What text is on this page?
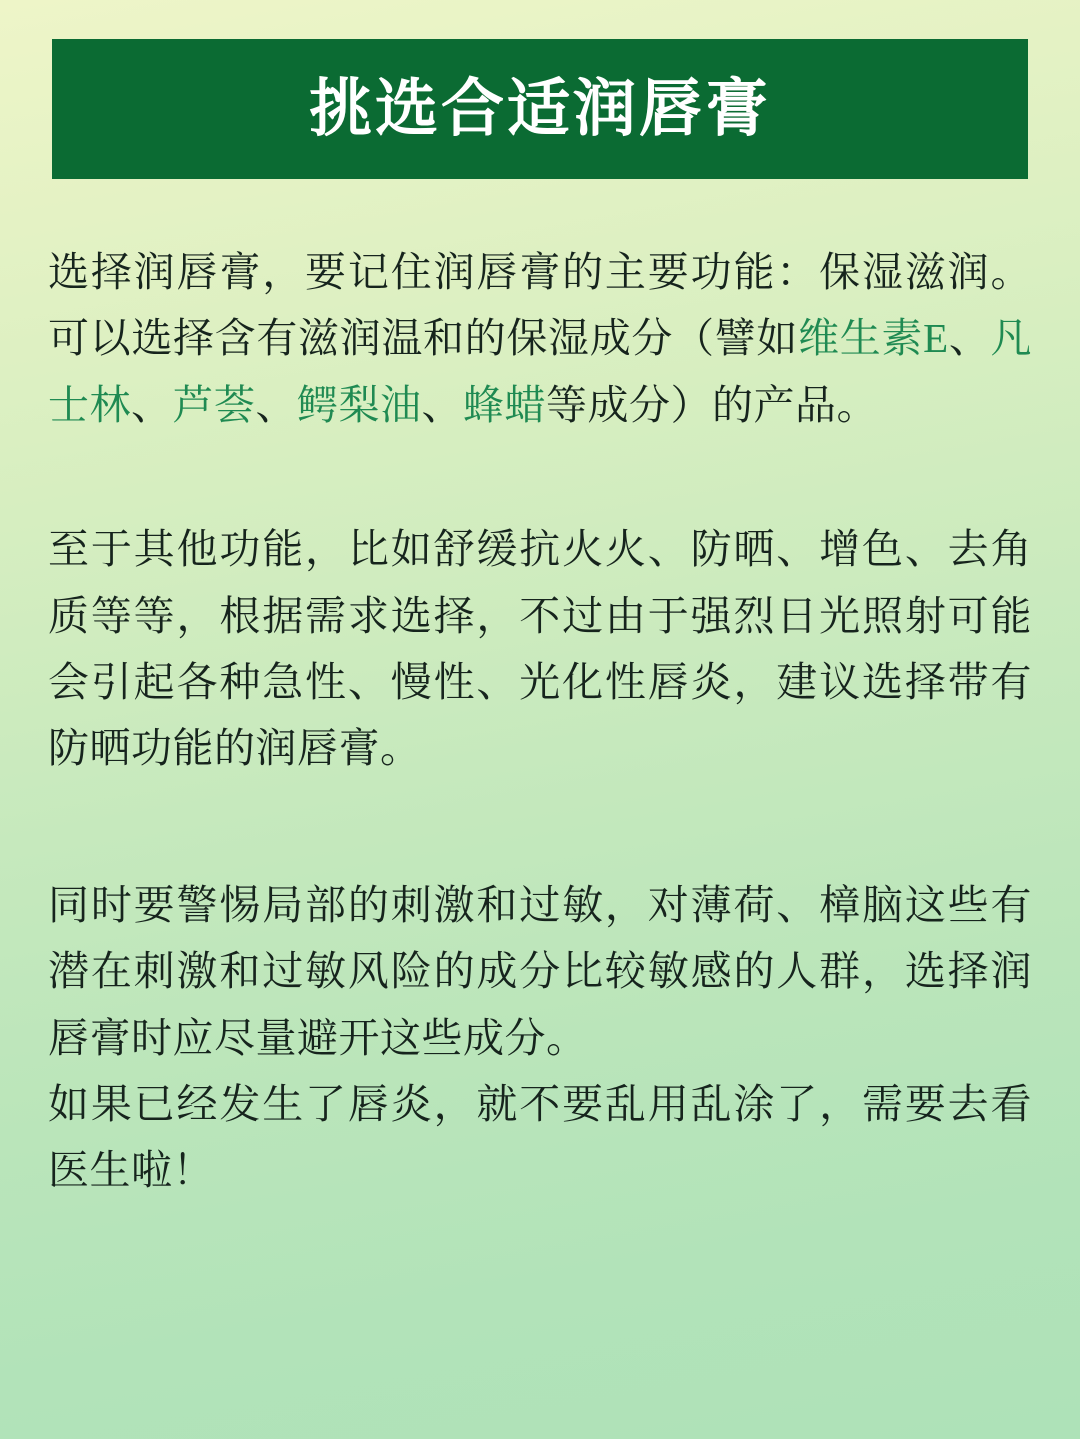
挑选合适润唇膏

选择润唇膏，要记住润唇膏的主要功能：保湿滋润。可以选择含有滋润温和的保湿成分（譬如维生素E、凡士林、芦荟、鳄梨油、蜂蜡等成分）的产品。

至于其他功能，比如舒缓抗火火、防晒、增色、去角质等等，根据需求选择，不过由于强烈日光照射可能会引起各种急性、慢性、光化性唇炎，建议选择带有防晒功能的润唇膏。

同时要警惕局部的刺激和过敏，对薄荷、樟脑这些有潜在刺激和过敏风险的成分比较敏感的人群，选择润唇膏时应尽量避开这些成分。

如果已经发生了唇炎，就不要乱用乱涂了，需要去看医生啦！
